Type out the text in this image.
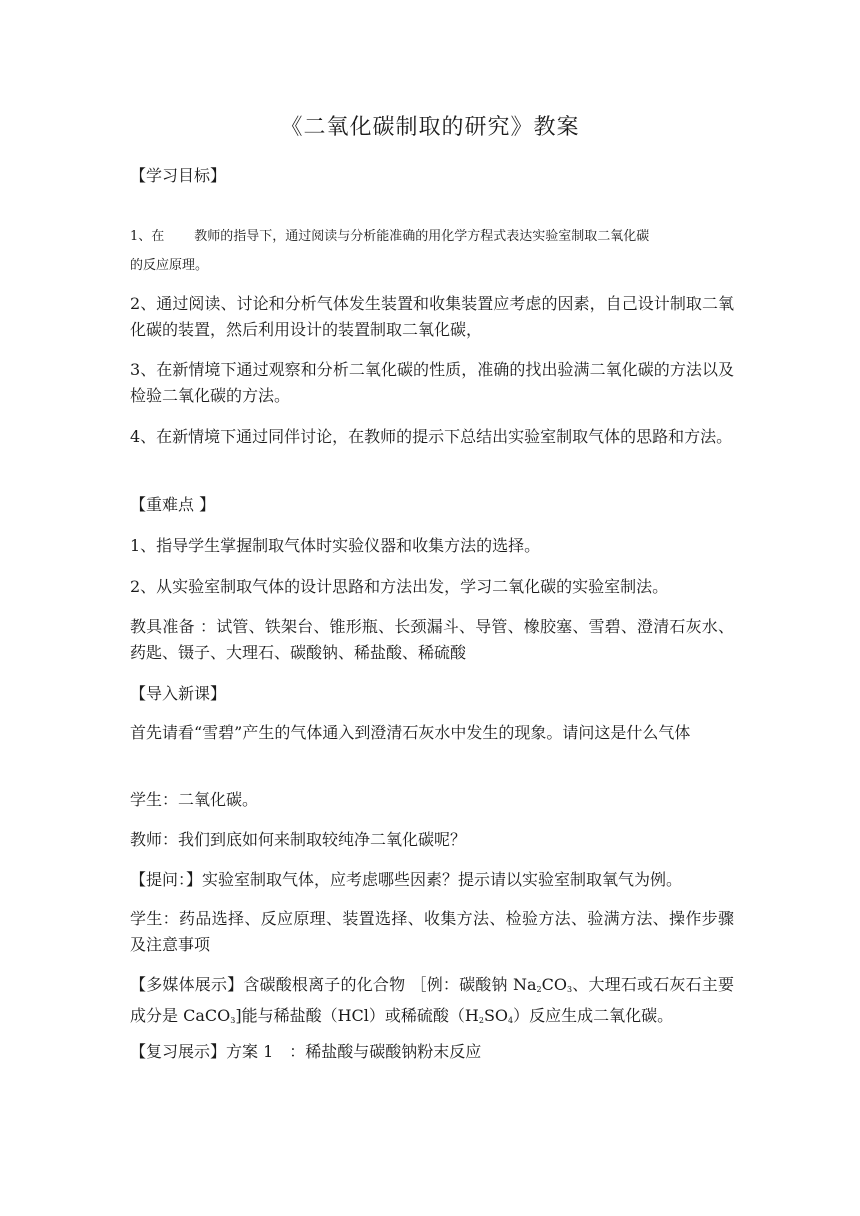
《二氧化碳制取的研究》教案
【学习目标】
1、在 教师的指导下，通过阅读与分析能准确的用化学方程式表达实验室制取二氧化碳
的反应原理。
2、通过阅读、讨论和分析气体发生装置和收集装置应考虑的因素，自己设计制取二氧化碳的装置，然后利用设计的装置制取二氧化碳，
3、在新情境下通过观察和分析二氧化碳的性质，准确的找出验满二氧化碳的方法以及检验二氧化碳的方法。
4、在新情境下通过同伴讨论，在教师的提示下总结出实验室制取气体的思路和方法。
【重难点 】
1、指导学生掌握制取气体时实验仪器和收集方法的选择。
2、从实验室制取气体的设计思路和方法出发，学习二氧化碳的实验室制法。
教具准备 ：试管、铁架台、锥形瓶、长颈漏斗、导管、橡胶塞、雪碧、澄清石灰水、药匙、镊子、大理石、碳酸钠、稀盐酸、稀硫酸
【导入新课】
首先请看“雪碧”产生的气体通入到澄清石灰水中发生的现象。请问这是什么气体
学生：二氧化碳。
教师：我们到底如何来制取较纯净二氧化碳呢？
【提问：】实验室制取气体，应考虑哪些因素？提示请以实验室制取氧气为例。
学生：药品选择、反应原理、装置选择、收集方法、检验方法、验满方法、操作步骤及注意事项
【多媒体展示】含碳酸根离子的化合物 ［例：碳酸钠 $Na_2CO_3$、大理石或石灰石主要成分是 CaCO$_3$]能与稀盐酸（HCl）或稀硫酸$(H_2SO_4)$反应生成二氧化碳。
【复习展示】方案 1　：稀盐酸与碳酸钠粉末反应
